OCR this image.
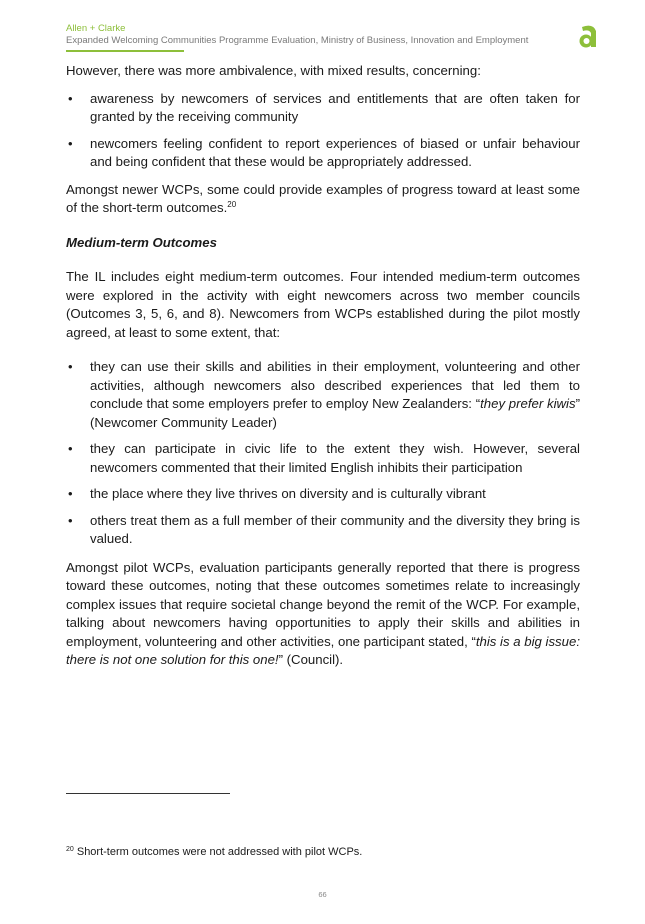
Allen + Clarke
Expanded Welcoming Communities Programme Evaluation, Ministry of Business, Innovation and Employment

However, there was more ambivalence, with mixed results, concerning:

• awareness by newcomers of services and entitlements that are often taken for granted by the receiving community
• newcomers feeling confident to report experiences of biased or unfair behaviour and being confident that these would be appropriately addressed.

Amongst newer WCPs, some could provide examples of progress toward at least some of the short-term outcomes.$^{20}$

Medium-term Outcomes

The IL includes eight medium-term outcomes. Four intended medium-term outcomes were explored in the activity with eight newcomers across two member councils (Outcomes 3, 5, 6, and 8). Newcomers from WCPs established during the pilot mostly agreed, at least to some extent, that:

• they can use their skills and abilities in their employment, volunteering and other activities, although newcomers also described experiences that led them to conclude that some employers prefer to employ New Zealanders: “they prefer kiwis” (Newcomer Community Leader)
• they can participate in civic life to the extent they wish. However, several newcomers commented that their limited English inhibits their participation
• the place where they live thrives on diversity and is culturally vibrant
• others treat them as a full member of their community and the diversity they bring is valued.

Amongst pilot WCPs, evaluation participants generally reported that there is progress toward these outcomes, noting that these outcomes sometimes relate to increasingly complex issues that require societal change beyond the remit of the WCP. For example, talking about newcomers having opportunities to apply their skills and abilities in employment, volunteering and other activities, one participant stated, “this is a big issue: there is not one solution for this one!” (Council).

$^{20}$ Short-term outcomes were not addressed with pilot WCPs.
66
